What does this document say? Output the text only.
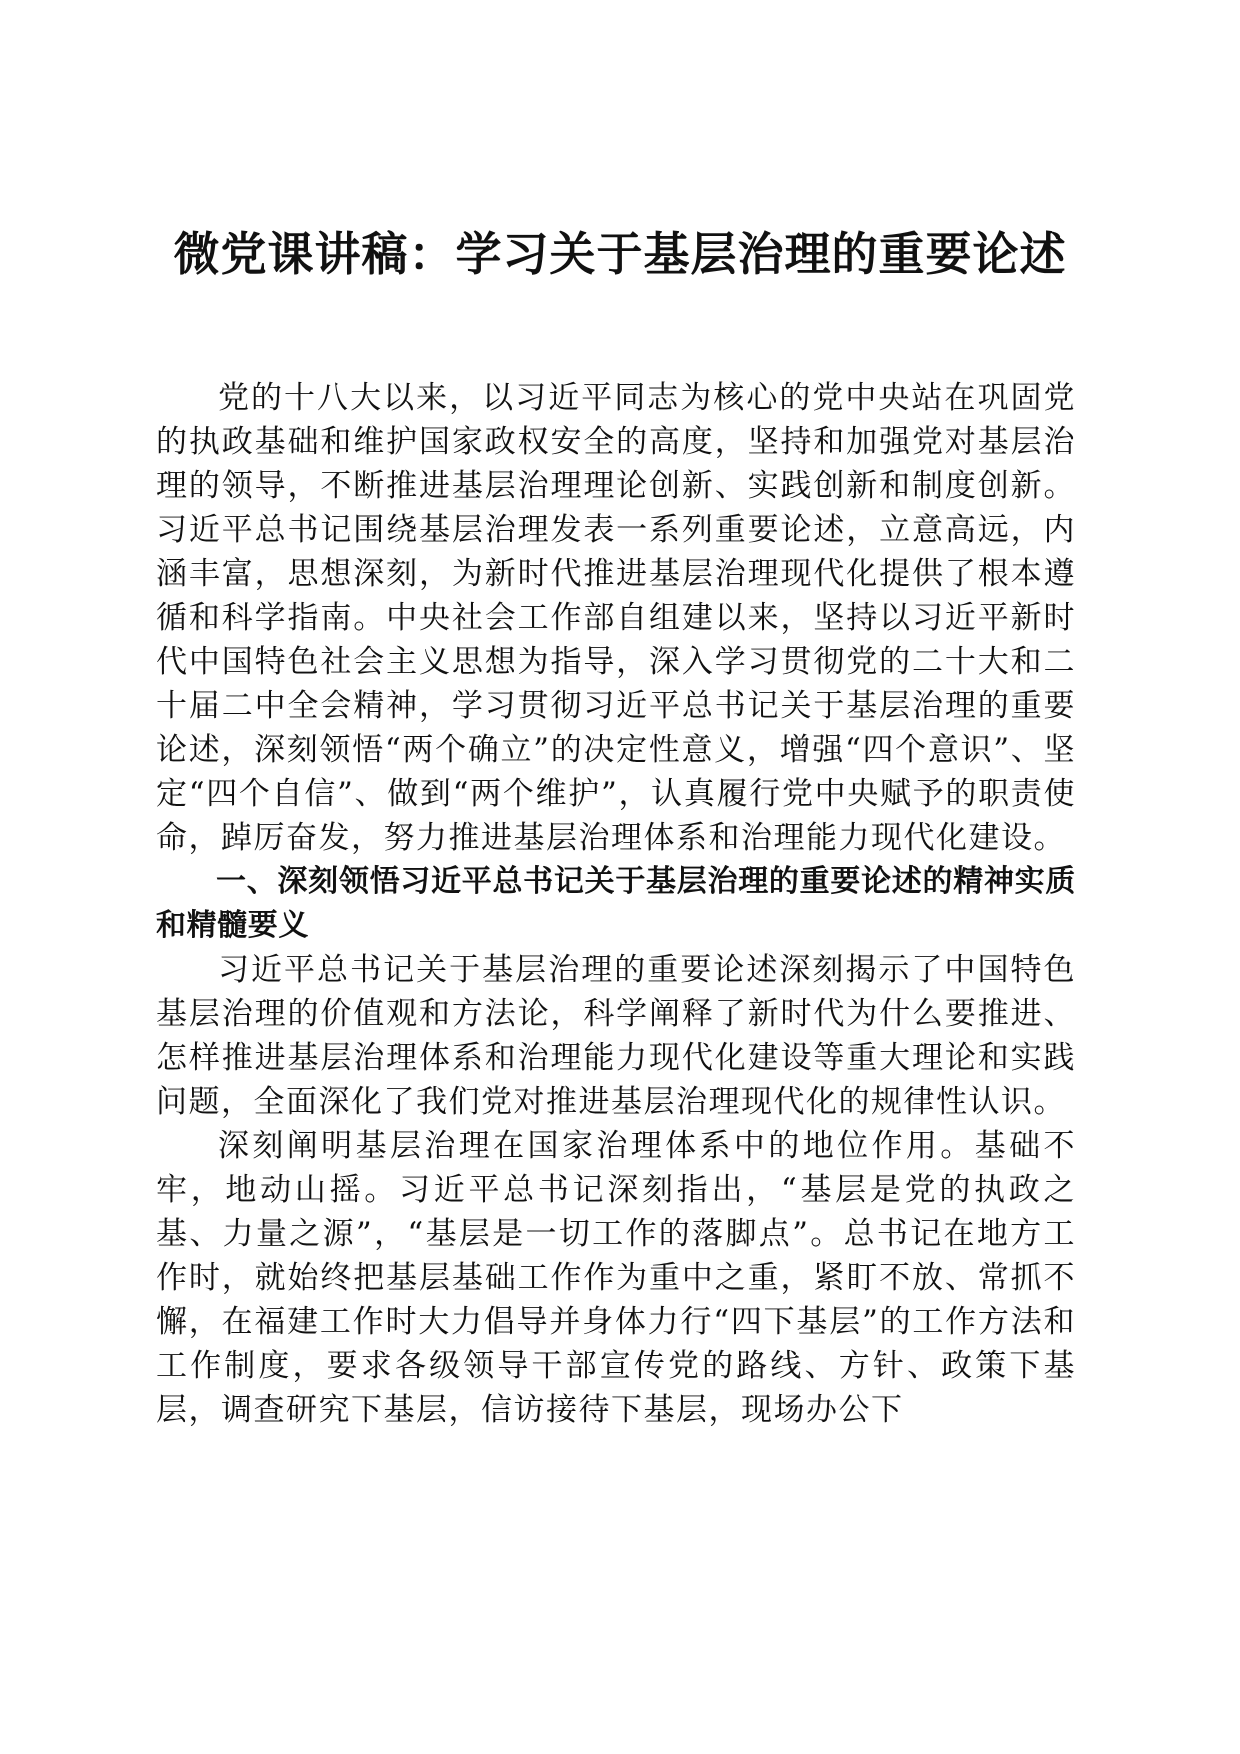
微党课讲稿：学习关于基层治理的重要论述

党的十八大以来，以习近平同志为核心的党中央站在巩固党的执政基础和维护国家政权安全的高度，坚持和加强党对基层治理的领导，不断推进基层治理理论创新、实践创新和制度创新。习近平总书记围绕基层治理发表一系列重要论述，立意高远，内涵丰富，思想深刻，为新时代推进基层治理现代化提供了根本遵循和科学指南。中央社会工作部自组建以来，坚持以习近平新时代中国特色社会主义思想为指导，深入学习贯彻党的二十大和二十届二中全会精神，学习贯彻习近平总书记关于基层治理的重要论述，深刻领悟“两个确立”的决定性意义，增强“四个意识”、坚定“四个自信”、做到“两个维护”，认真履行党中央赋予的职责使命，踔厉奋发，努力推进基层治理体系和治理能力现代化建设。

一、深刻领悟习近平总书记关于基层治理的重要论述的精神实质和精髓要义

习近平总书记关于基层治理的重要论述深刻揭示了中国特色基层治理的价值观和方法论，科学阐释了新时代为什么要推进、怎样推进基层治理体系和治理能力现代化建设等重大理论和实践问题，全面深化了我们党对推进基层治理现代化的规律性认识。

深刻阐明基层治理在国家治理体系中的地位作用。基础不牢，地动山摇。习近平总书记深刻指出，“基层是党的执政之基、力量之源”，“基层是一切工作的落脚点”。总书记在地方工作时，就始终把基层基础工作作为重中之重，紧盯不放、常抓不懈，在福建工作时大力倡导并身体力行“四下基层”的工作方法和工作制度，要求各级领导干部宣传党的路线、方针、政策下基层，调查研究下基层，信访接待下基层，现场办公下
